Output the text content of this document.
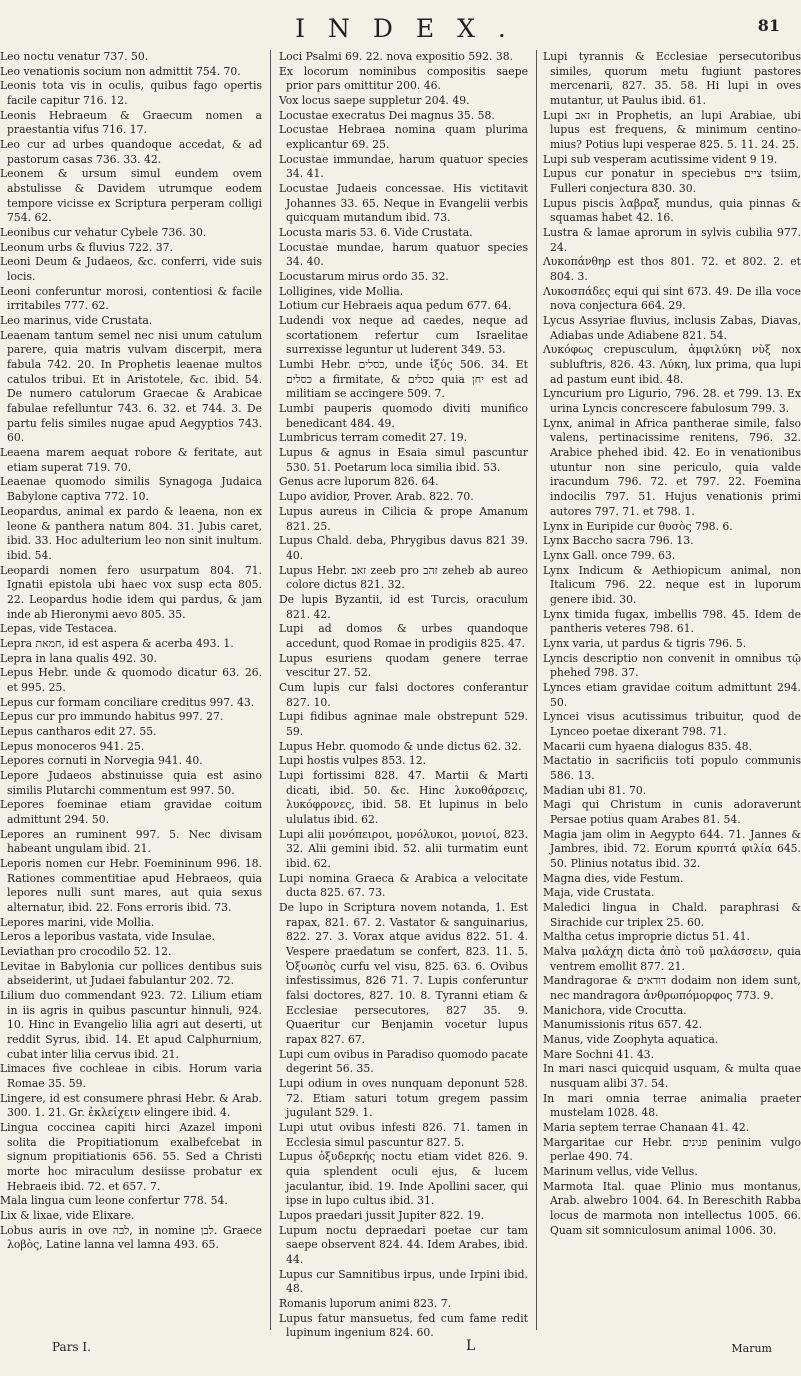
INDEX.	81

Leo noctu venatur 737. 50.

Leo venationis socium non admittit 754. 70.

Leonis tota vis in oculis, quibus fago opertis facile capitur 716. 12.

Leonis Hebraeum & Graecum nomen a praestantia vifus 716. 17.

Leo cur ad urbes quandoque accedat, & ad pastorum casas 736. 33. 42.

Leonem & ursum simul eundem ovem abstulisse & Davidem utrumque eodem tempore vicisse ex Scriptura perperam colligi 754. 62.

Leonibus cur vehatur Cybele 736. 30.

Leonum urbs & fluvius 722. 37.

Leoni Deum & Judaeos, &c. conferri, vide suis locis.

Leoni conferuntur morosi, contentiosi & facile irritabiles 777. 62.

Leo marinus, vide Crustata.

Leaenam tantum semel nec nisi unum catulum parere, quia matris vulvam discerpit, mera fabula 742. 20. In Prophetis leaenae multos catulos tribui. Et in Aristotele, &c. ibid. 54. De numero catulorum Graecae & Arabicae fabulae refelluntur 743. 6. 32. et 744. 3. De partu felis similes nugae apud Aegyptios 743. 60.

Leaena marem aequat robore & feritate, aut etiam superat 719. 70.

Leaenae quomodo similis Synagoga Judaica Babylone captiva 772. 10.

Leopardus, animal ex pardo & leaena, non ex leone & panthera natum 804. 31. Jubis caret, ibid. 33. Hoc adulterium leo non sinit inultum. ibid. 54.

Leopardi nomen fero usurpatum 804. 71. Ignatii epistola ubi haec vox susp ecta 805. 22. Leopardus hodie idem qui pardus, & jam inde ab Hieronymi aevo 805. 35.

Lepas, vide Testacea.

Lepra חמאת, id est aspera & acerba 493. 1.

Lepra in lana qualis 492. 30.

Lepus Hebr. unde & quomodo dicatur 63. 26. et 995. 25.

Lepus cur formam conciliare creditus 997. 43.

Lepus cur pro immundo habitus 997. 27.

Lepus cantharos edit 27. 55.

Lepus monoceros 941. 25.

Lepores cornuti in Norvegia 941. 40.

Lepore Judaeos abstinuisse quia est asino similis Plutarchi commentum est 997. 50.

Lepores foeminae etiam gravidae coitum admittunt 294. 50.

Lepores an ruminent 997. 5. Nec divisam habeant ungulam ibid. 21.

Leporis nomen cur Hebr. Foemininum 996. 18. Rationes commentitiae apud Hebraeos, quia lepores nulli sunt mares, aut quia sexus alternatur, ibid. 22. Fons erroris ibid. 73.

Lepores marini, vide Mollia.

Leros a leporibus vastata, vide Insulae.

Leviathan pro crocodilo 52. 12.

Levitae in Babylonia cur pollices dentibus suis abseiderint, ut Judaei fabulantur 202. 72.

Lilium duo commendant 923. 72. Lilium etiam in iis agris in quibus pascuntur hinnuli, 924. 10. Hinc in Evangelio lilia agri aut deserti, ut reddit Syrus, ibid. 14. Et apud Calphurnium, cubat inter lilia cervus ibid. 21.

Limaces five cochleae in cibis. Horum varia Romae 35. 59.

Lingere, id est consumere phrasi Hebr. & Arab. 300. 1. 21. Gr. ἐκλείχειν elingere ibid. 4.

Lingua coccinea capiti hirci Azazel imponi solita die Propitiationum exalbefcebat in signum propitiationis 656. 55. Sed a Christi morte hoc miraculum desiisse probatur ex Hebraeis ibid. 72. et 657. 7.

Mala lingua cum leone confertur 778. 54.

Lix & lixae, vide Elixare.

Lobus auris in ove לבה, in nomine לבן. Graece λοβὸς, Latine lanna vel lamna 493. 65.

Loci Psalmi 69. 22. nova expositio 592. 38.

Ex locorum nominibus compositis saepe prior pars omittitur 200. 46.

Vox locus saepe suppletur 204. 49.

Locustae execratus Dei magnus 35. 58.

Locustae Hebraea nomina quam plurima explicantur 69. 25.

Locustae immundae, harum quatuor species 34. 41.

Locustae Judaeis concessae. His victitavit Johannes 33. 65. Neque in Evangelii verbis quicquam mutandum ibid. 73.

Locusta maris 53. 6. Vide Crustata.

Locustae mundae, harum quatuor species 34. 40.

Locustarum mirus ordo 35. 32.

Lolligines, vide Mollia.

Lotium cur Hebraeis aqua pedum 677. 64.

Ludendi vox neque ad caedes, neque ad scortationem refertur cum Israelitae surrexisse leguntur ut luderent 349. 53.

Lumbi Hebr. כסלים, unde ἰξύς 506. 34. Et כסלים a firmitate, & כסלים quia יחן est ad militiam se accingere 509. 7.

Lumbi pauperis quomodo diviti munifico benedicant 484. 49.

Lumbricus terram comedit 27. 19.

Lupus & agnus in Esaia simul pascuntur 530. 51. Poetarum loca similia ibid. 53.

Genus acre luporum 826. 64.

Lupo avidior, Prover. Arab. 822. 70.

Lupus aureus in Cilicia & prope Amanum 821. 25.

Lupus Chald. deba, Phrygibus davus 821 39. 40.

Lupus Hebr. זאב zeeb pro זהב zeheb ab aureo colore dictus 821. 32.

De lupis Byzantii, id est Turcis, oraculum 821. 42.

Lupi ad domos & urbes quandoque accedunt, quod Romae in prodigiis 825. 47.

Lupus esuriens quodam genere terrae vescitur 27. 52.

Cum lupis cur falsi doctores conferantur 827. 10.

Lupi fidibus agninae male obstrepunt 529. 59.

Lupus Hebr. quomodo & unde dictus 62. 32.

Lupi hostis vulpes 853. 12.

Lupi fortissimi 828. 47. Martii & Marti dicati, ibid. 50. &c. Hinc λυκοθάρσεις, λυκόφρονες, ibid. 58. Et lupinus in belo ululatus ibid. 62.

Lupi alii μονόπειροι, μονόλυκοι, μονιοί, 823. 32. Alii gemini ibid. 52. alii turmatim eunt ibid. 62.

Lupi nomina Graeca & Arabica a velocitate ducta 825. 67. 73.

De lupo in Scriptura novem notanda, 1. Est rapax, 821. 67. 2. Vastator & sanguinarius, 822. 27. 3. Vorax atque avidus 822. 51. 4. Vespere praedatum se confert, 823. 11. 5. Ὀξυωπὸς curfu vel visu, 825. 63. 6. Ovibus infestissimus, 826 71. 7. Lupis conferuntur falsi doctores, 827. 10. 8. Tyranni etiam & Ecclesiae persecutores, 827 35. 9. Quaeritur cur Benjamin vocetur lupus rapax 827. 67.

Lupi cum ovibus in Paradiso quomodo pacate degerint 56. 35.

Lupi odium in oves nunquam deponunt 528. 72. Etiam saturi totum gregem passim jugulant 529. 1.

Lupi utut ovibus infesti 826. 71. tamen in Ecclesia simul pascuntur 827. 5.

Lupus ὀξυδερκής noctu etiam videt 826. 9. quia splendent oculi ejus, & lucem jaculantur, ibid. 19. Inde Apollini sacer, qui ipse in lupo cultus ibid. 31.

Lupos praedari jussit Jupiter 822. 19.

Lupum noctu depraedari poetae cur tam saepe observent 824. 44. Idem Arabes, ibid. 44.

Lupus cur Samnitibus irpus, unde Irpini ibid. 48.

Romanis luporum animi 823. 7.

Lupus fatur mansuetus, fed cum fame redit lupinum ingenium 824. 60.

Lupi tyrannis & Ecclesiae persecutoribus similes, quorum metu fugiunt pastores mercenarii, 827. 35. 58. Hi lupi in oves mutantur, ut Paulus ibid. 61.

Lupi זאב in Prophetis, an lupi Arabiae, ubi lupus est frequens, & minimum centino-mius? Potius lupi vesperae 825. 5. 11. 24. 25.

Lupi sub vesperam acutissime vident 9 19.

Lupus cur ponatur in speciebus ציים tsiim, Fulleri conjectura 830. 30.

Lupus piscis λαβραξ mundus, quia pinnas & squamas habet 42. 16.

Lustra & lamae aprorum in sylvis cubilia 977. 24.

Λυκοπάνθηρ est thos 801. 72. et 802. 2. et 804. 3.

Λυκοσπάδες equi qui sint 673. 49. De illa voce nova conjectura 664. 29.

Lycus Assyriae fluvius, inclusis Zabas, Diavas, Adiabas unde Adiabene 821. 54.

Λυκόφως crepusculum, ἀμφιλύκη νὺξ nox subluftris, 826. 43. Λύκη, lux prima, qua lupi ad pastum eunt ibid. 48.

Lyncurium pro Ligurio, 796. 28. et 799. 13. Ex urina Lyncis concrescere fabulosum 799. 3.

Lynx, animal in Africa pantherae simile, falso valens, pertinacissime renitens, 796. 32. Arabice phehed ibid. 42. Eo in venationibus utuntur non sine periculo, quia valde iracundum 796. 72. et 797. 22. Foemina indocilis 797. 51. Hujus venationis primi autores 797. 71. et 798. 1.

Lynx in Euripide cur θυσὸς 798. 6.

Lynx Baccho sacra 796. 13.

Lynx Gall. once 799. 63.

Lynx Indicum & Aethiopicum animal, non Italicum 796. 22. neque est in luporum genere ibid. 30.

Lynx timida fugax, imbellis 798. 45. Idem de pantheris veteres 798. 61.

Lynx varia, ut pardus & tigris 796. 5.

Lyncis descriptio non convenit in omnibus τῷ phehed 798. 37.

Lynces etiam gravidae coitum admittunt 294. 50.

Lyncei visus acutissimus tribuitur, quod de Lynceo poetae dixerant 798. 71.

Macarii cum hyaena dialogus 835. 48.

Mactatio in sacrificiis toti populo communis 586. 13.

Madian ubi 81. 70.

Magi qui Christum in cunis adoraverunt Persae potius quam Arabes 81. 54.

Magia jam olim in Aegypto 644. 71. Jannes & Jambres, ibid. 72. Eorum κρυπτά φιλία 645. 50. Plinius notatus ibid. 32.

Magna dies, vide Festum.

Maja, vide Crustata.

Maledici lingua in Chald. paraphrasi & Sirachide cur triplex 25. 60.

Maltha cetus improprie dictus 51. 41.

Malva μαλάχη dicta ἀπὸ τοῦ μαλάσσειν, quia ventrem emollit 877. 21.

Mandragorae & דודאים dodaim non idem sunt, nec mandragora ἀνθρωπόμορφος 773. 9.

Manichora, vide Crocutta.

Manumissionis ritus 657. 42.

Manus, vide Zoophyta aquatica.

Mare Sochni 41. 43.

In mari nasci quicquid usquam, & multa quae nusquam alibi 37. 54.

In mari omnia terrae animalia praeter mustelam 1028. 48.

Maria septem terrae Chanaan 41. 42.

Margaritae cur Hebr. פנינים peninim vulgo perlae 490. 74.

Marinum vellus, vide Vellus.

Marmota Ital. quae Plinio mus montanus, Arab. alwebro 1004. 64. In Bereschith Rabba locus de marmota non intellectus 1005. 66. Quam sit somniculosum animal 1006. 30.

Pars I.	L	Marum
